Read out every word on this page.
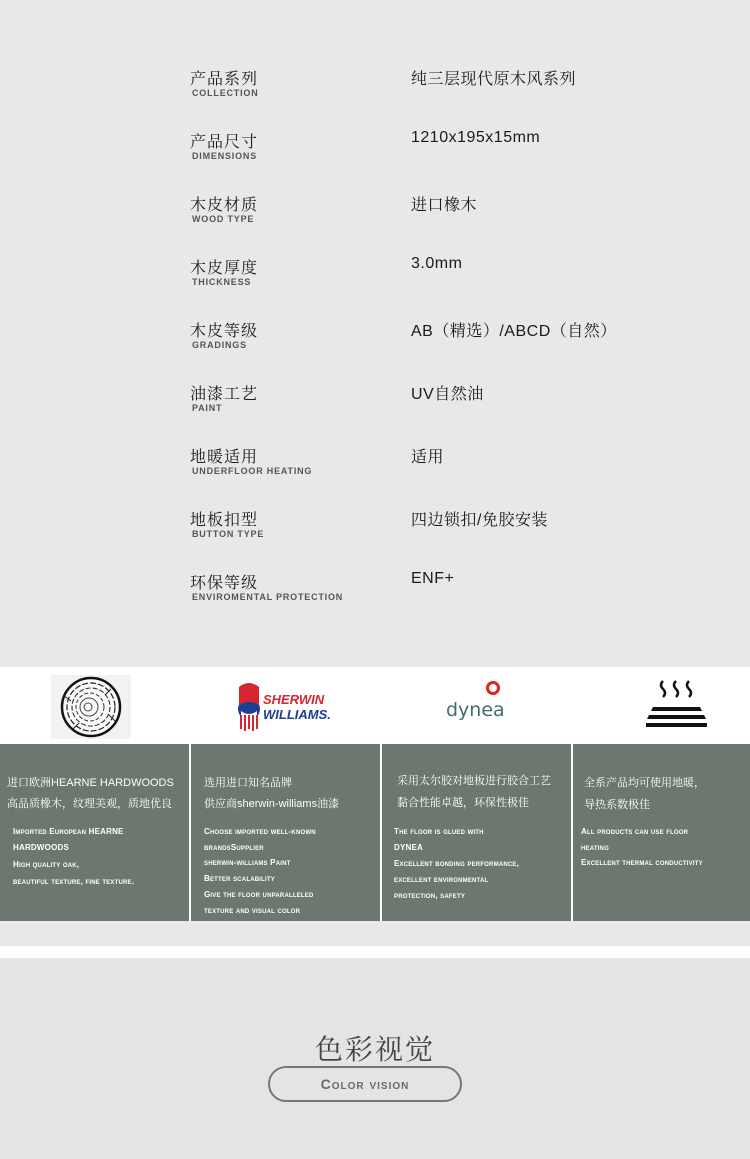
产品系列
COLLECTION
纯三层现代原木风系列
产品尺寸
DIMENSIONS
1210x195x15mm
木皮材质
WOOD TYPE
进口橡木
木皮厚度
THICKNESS
3.0mm
木皮等级
GRADINGS
AB（精选）/ABCD（自然）
油漆工艺
PAINT
UV自然油
地暖适用
UNDERFLOOR HEATING
适用
地板扣型
BUTTON TYPE
四边锁扣/免胶安装
环保等级
ENVIROMENTAL PROTECTION
ENF+
SHERWIN
WILLIAMS.	dynea
进口欧洲HEARNE HARDWOODS
高品质橡木，纹理美观，质地优良
Imported European HEARNE
HARDWOODS
High quality oak,
beautiful texture, fine texture.
选用进口知名品牌
供应商sherwin-williams油漆
Choose imported well-known
brandsSupplier
sherwin-williams Paint
Better scalability
Give the floor unparalleled
texture and visual color
采用太尔胶对地板进行胶合工艺
黏合性能卓越，环保性极佳
The floor is glued with
DYNEA
Excellent bonding performance,
excellent environmental
protection, safety
全系产品均可使用地暖，
导热系数极佳
All products can use floor
heating
Excellent thermal conductivity
色彩视觉
Color vision
